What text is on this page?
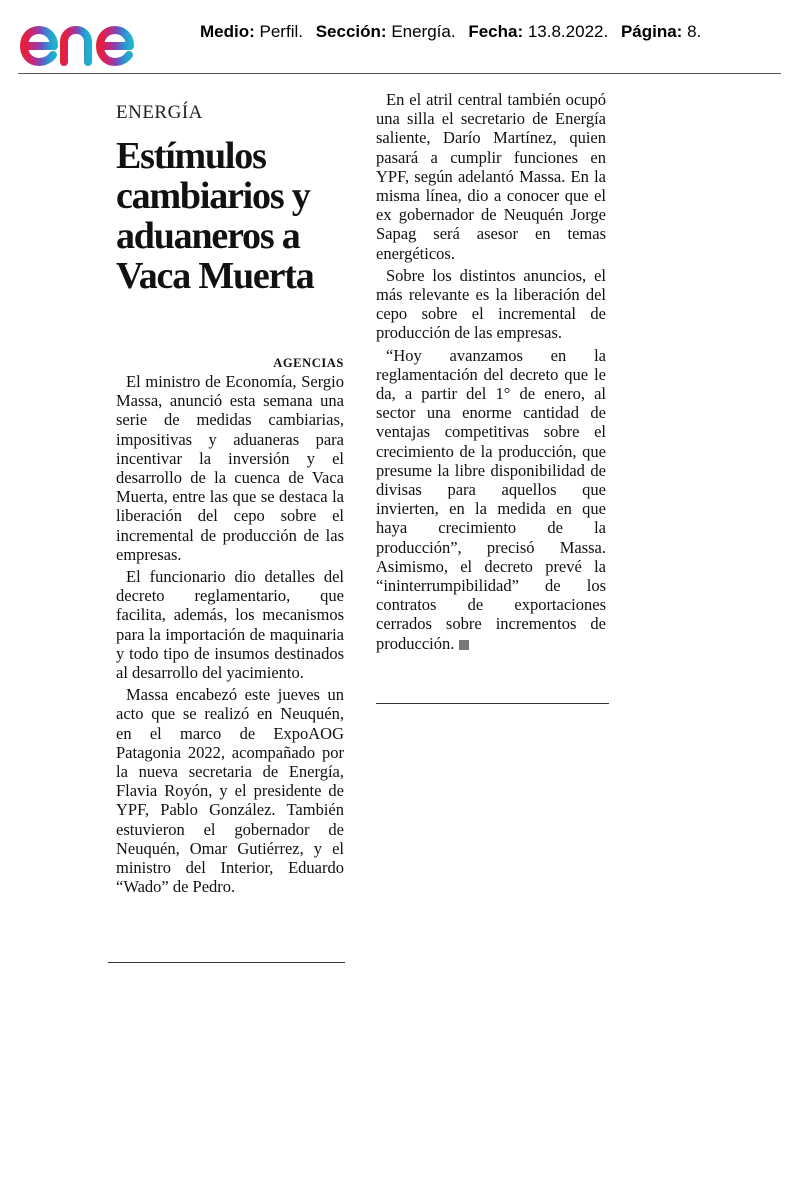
Medio: Perfil. Sección: Energía. Fecha: 13.8.2022. Página: 8.
ENERGÍA
Estímulos cambiarios y aduaneros a Vaca Muerta
AGENCIAS

El ministro de Economía, Sergio Massa, anunció esta semana una serie de medidas cambiarias, impositivas y aduaneras para incentivar la inversión y el desarrollo de la cuenca de Vaca Muerta, entre las que se destaca la liberación del cepo sobre el incremental de producción de las empresas.

El funcionario dio detalles del decreto reglamentario, que facilita, además, los mecanismos para la importación de maquinaria y todo tipo de insumos destinados al desarrollo del yacimiento.

Massa encabezó este jueves un acto que se realizó en Neuquén, en el marco de ExpoAOG Patagonia 2022, acompañado por la nueva secretaria de Energía, Flavia Royón, y el presidente de YPF, Pablo González. También estuvieron el gobernador de Neuquén, Omar Gutiérrez, y el ministro del Interior, Eduardo “Wado” de Pedro.

En el atril central también ocupó una silla el secretario de Energía saliente, Darío Martínez, quien pasará a cumplir funciones en YPF, según adelantó Massa. En la misma línea, dio a conocer que el ex gobernador de Neuquén Jorge Sapag será asesor en temas energéticos.

Sobre los distintos anuncios, el más relevante es la liberación del cepo sobre el incremental de producción de las empresas.

“Hoy avanzamos en la reglamentación del decreto que le da, a partir del 1° de enero, al sector una enorme cantidad de ventajas competitivas sobre el crecimiento de la producción, que presume la libre disponibilidad de divisas para aquellos que invierten, en la medida en que haya crecimiento de la producción”, precisó Massa. Asimismo, el decreto prevé la “ininterrumpibilidad” de los contratos de exportaciones cerrados sobre incrementos de producción.
